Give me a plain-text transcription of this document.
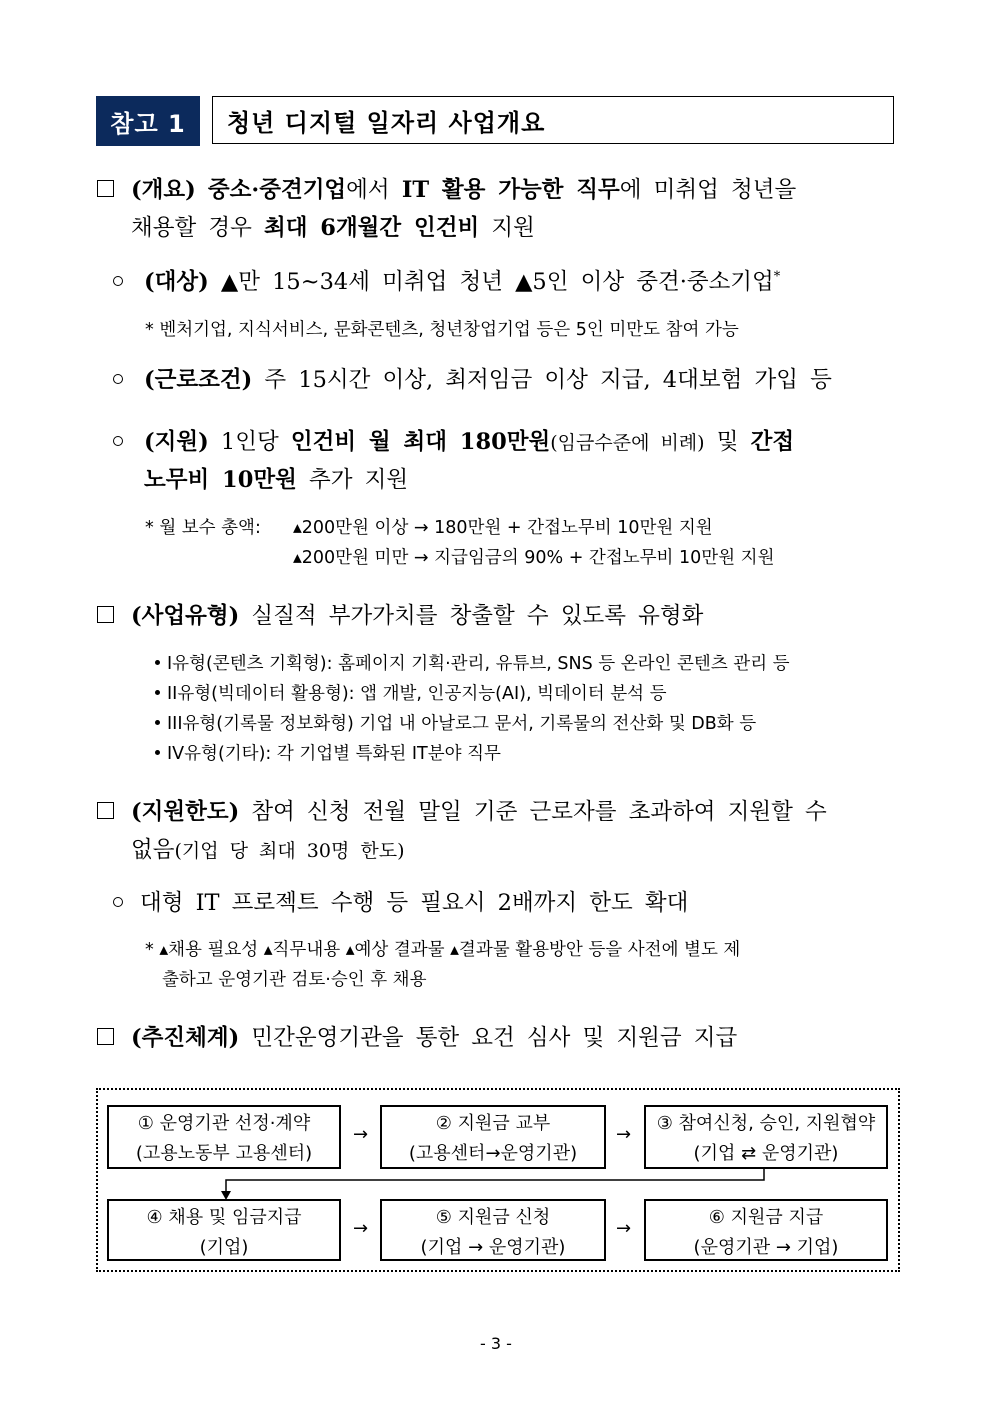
참고 1	청년 디지털 일자리 사업개요
(개요) 중소·중견기업에서 IT 활용 가능한 직무에 미취업 청년을
채용할 경우 최대 6개월간 인건비 지원
(대상) ▲만 15~34세 미취업 청년 ▲5인 이상 중견·중소기업*
* 벤처기업, 지식서비스, 문화콘텐츠, 청년창업기업 등은 5인 미만도 참여 가능
(근로조건) 주 15시간 이상, 최저임금 이상 지급, 4대보험 가입 등
(지원) 1인당 인건비 월 최대 180만원(임금수준에 비례) 및 간접
노무비 10만원 추가 지원
* 월 보수 총액: ▴200만원 이상 → 180만원 + 간접노무비 10만원 지원
▴200만원 미만 → 지급임금의 90% + 간접노무비 10만원 지원
(사업유형) 실질적 부가가치를 창출할 수 있도록 유형화
I유형(콘텐츠 기획형): 홈페이지 기획·관리, 유튜브, SNS 등 온라인 콘텐츠 관리 등
II유형(빅데이터 활용형): 앱 개발, 인공지능(AI), 빅데이터 분석 등
III유형(기록물 정보화형) 기업 내 아날로그 문서, 기록물의 전산화 및 DB화 등
IV유형(기타): 각 기업별 특화된 IT분야 직무
(지원한도) 참여 신청 전월 말일 기준 근로자를 초과하여 지원할 수
없음(기업 당 최대 30명 한도)
대형 IT 프로젝트 수행 등 필요시 2배까지 한도 확대
* ▴채용 필요성 ▴직무내용 ▴예상 결과물 ▴결과물 활용방안 등을 사전에 별도 제
출하고 운영기관 검토·승인 후 채용
(추진체계) 민간운영기관을 통한 요건 심사 및 지원금 지급
① 운영기관 선정·계약
(고용노동부 고용센터)
→
② 지원금 교부
(고용센터→운영기관)
→
③ 참여신청, 승인, 지원협약
(기업 ⇄ 운영기관)
④ 채용 및 임금지급
(기업)
→
⑤ 지원금 신청
(기업 → 운영기관)
→
⑥ 지원금 지급
(운영기관 → 기업)
- 3 -
